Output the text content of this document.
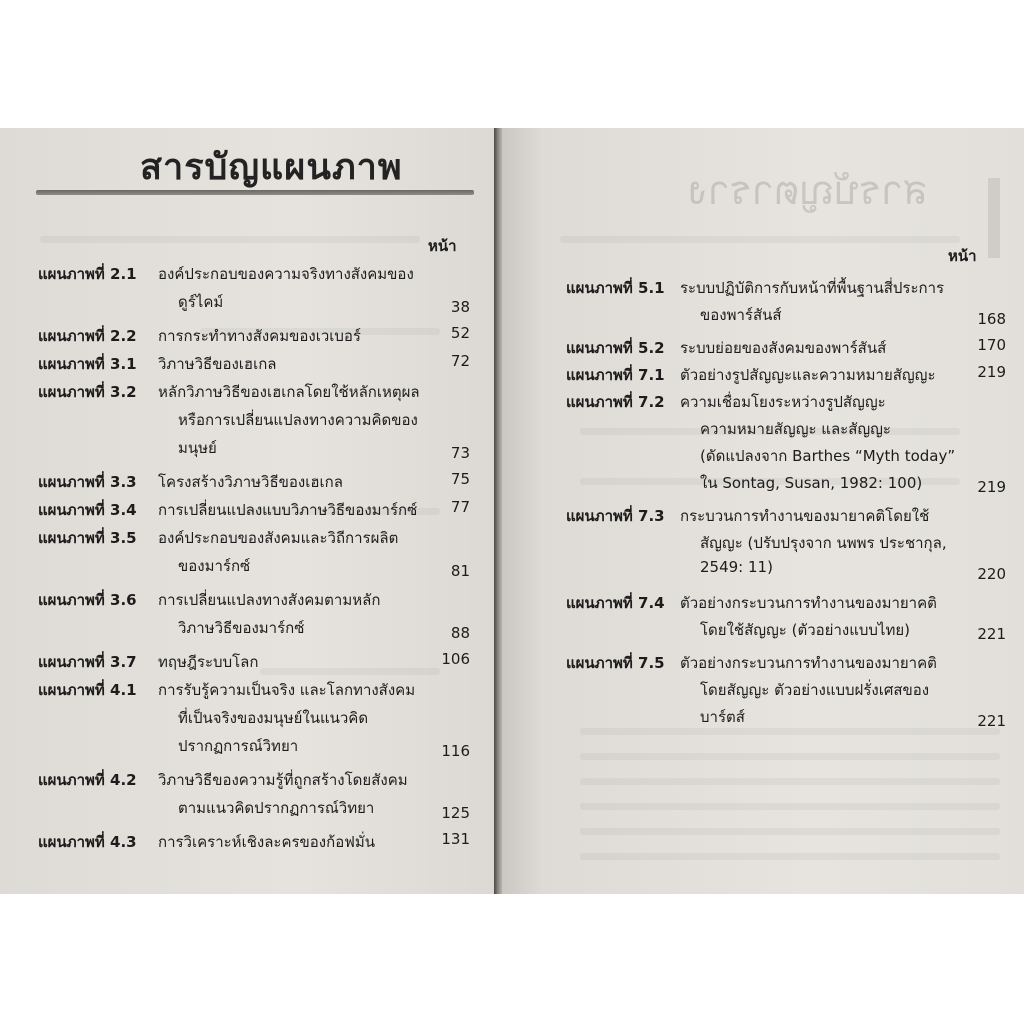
สารบัญแผนภาพ
หน้า
แผนภาพที่ 2.1 องค์ประกอบของความจริงทางสังคมของ
ดูร์ไคม์	38
แผนภาพที่ 2.2 การกระทำทางสังคมของเวเบอร์	52
แผนภาพที่ 3.1 วิภาษวิธีของเฮเกล	72
แผนภาพที่ 3.2 หลักวิภาษวิธีของเฮเกลโดยใช้หลักเหตุผล
หรือการเปลี่ยนแปลงทางความคิดของ
มนุษย์	73
แผนภาพที่ 3.3 โครงสร้างวิภาษวิธีของเฮเกล	75
แผนภาพที่ 3.4 การเปลี่ยนแปลงแบบวิภาษวิธีของมาร์กซ์	77
แผนภาพที่ 3.5 องค์ประกอบของสังคมและวิถีการผลิต
ของมาร์กซ์	81
แผนภาพที่ 3.6 การเปลี่ยนแปลงทางสังคมตามหลัก
วิภาษวิธีของมาร์กซ์	88
แผนภาพที่ 3.7 ทฤษฎีระบบโลก	106
แผนภาพที่ 4.1 การรับรู้ความเป็นจริง และโลกทางสังคม
ที่เป็นจริงของมนุษย์ในแนวคิด
ปรากฏการณ์วิทยา	116
แผนภาพที่ 4.2 วิภาษวิธีของความรู้ที่ถูกสร้างโดยสังคม
ตามแนวคิดปรากฏการณ์วิทยา	125
แผนภาพที่ 4.3 การวิเคราะห์เชิงละครของก้อฟมั่น	131
สารบัญตาราง
หน้า
แผนภาพที่ 5.1 ระบบปฏิบัติการกับหน้าที่พื้นฐานสี่ประการ
ของพาร์สันส์	168
แผนภาพที่ 5.2 ระบบย่อยของสังคมของพาร์สันส์	170
แผนภาพที่ 7.1 ตัวอย่างรูปสัญญะและความหมายสัญญะ	219
แผนภาพที่ 7.2 ความเชื่อมโยงระหว่างรูปสัญญะ
ความหมายสัญญะ และสัญญะ
(ดัดแปลงจาก Barthes “Myth today”
ใน Sontag, Susan, 1982: 100)	219
แผนภาพที่ 7.3 กระบวนการทำงานของมายาคติโดยใช้
สัญญะ (ปรับปรุงจาก นพพร ประชากุล,
2549: 11)	220
แผนภาพที่ 7.4 ตัวอย่างกระบวนการทำงานของมายาคติ
โดยใช้สัญญะ (ตัวอย่างแบบไทย)	221
แผนภาพที่ 7.5 ตัวอย่างกระบวนการทำงานของมายาคติ
โดยสัญญะ ตัวอย่างแบบฝรั่งเศสของ
บาร์ตส์	221
